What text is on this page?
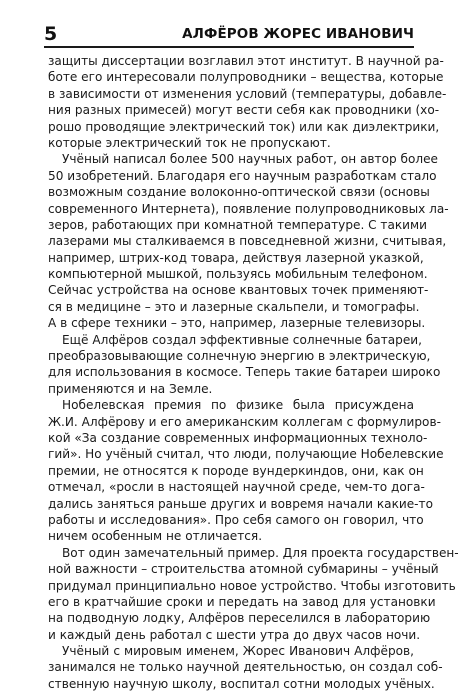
5	АЛФЁРОВ ЖОРЕС ИВАНОВИЧ
защиты диссертации возглавил этот институт. В научной ра-
боте его интересовали полупроводники – вещества, которые
в зависимости от изменения условий (температуры, добавле-
ния разных примесей) могут вести себя как проводники (хо-
рошо проводящие электрический ток) или как диэлектрики,
которые электрический ток не пропускают.
Учёный написал более 500 научных работ, он автор более
50 изобретений. Благодаря его научным разработкам стало
возможным создание волоконно-оптической связи (основы
современного Интернета), появление полупроводниковых ла-
зеров, работающих при комнатной температуре. С такими
лазерами мы сталкиваемся в повседневной жизни, считывая,
например, штрих-код товара, действуя лазерной указкой,
компьютерной мышкой, пользуясь мобильным телефоном.
Сейчас устройства на основе квантовых точек применяют-
ся в медицине – это и лазерные скальпели, и томографы.
А в сфере техники – это, например, лазерные телевизоры.
Ещё Алфёров создал эффективные солнечные батареи,
преобразовывающие солнечную энергию в электрическую,
для использования в космосе. Теперь такие батареи широко
применяются и на Земле.
Нобелевская премия по физике была присуждена
Ж.И. Алфёрову и его американским коллегам с формулиров-
кой «За создание современных информационных техноло-
гий». Но учёный считал, что люди, получающие Нобелевские
премии, не относятся к породе вундеркиндов, они, как он
отмечал, «росли в настоящей научной среде, чем-то дога-
дались заняться раньше других и вовремя начали какие-то
работы и исследования». Про себя самого он говорил, что
ничем особенным не отличается.
Вот один замечательный пример. Для проекта государствен-
ной важности – строительства атомной субмарины – учёный
придумал принципиально новое устройство. Чтобы изготовить
его в кратчайшие сроки и передать на завод для установки
на подводную лодку, Алфёров переселился в лабораторию
и каждый день работал с шести утра до двух часов ночи.
Учёный с мировым именем, Жорес Иванович Алфёров,
занимался не только научной деятельностью, он создал соб-
ственную научную школу, воспитал сотни молодых учёных.
